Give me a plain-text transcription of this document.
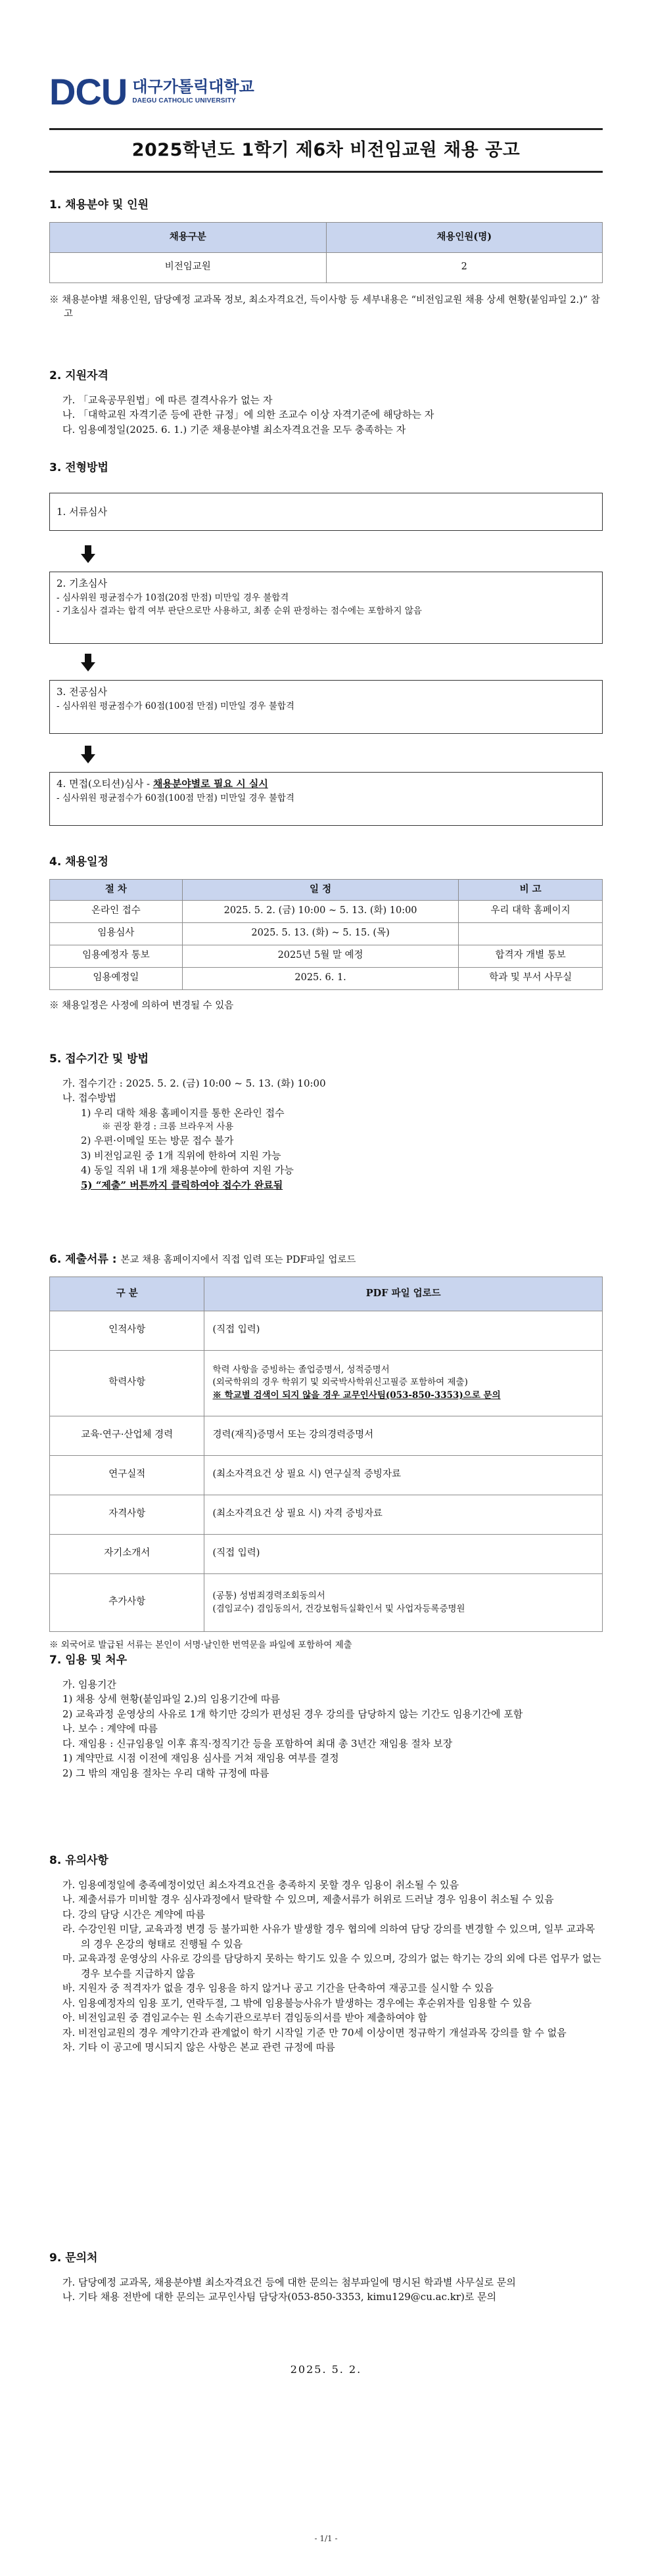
DCU 대구가톨릭대학교
DAEGU CATHOLIC UNIVERSITY
2025학년도 1학기 제6차 비전임교원 채용 공고
1. 채용분야 및 인원
채용구분	채용인원(명)
비전임교원	2
※ 채용분야별 채용인원, 담당예정 교과목 정보, 최소자격요건, 득이사항 등 세부내용은 “비전임교원 채용 상세 현황(붙임파일 2.)” 참고
2. 지원자격
가. 「교육공무원법」에 따른 결격사유가 없는 자
나. 「대학교원 자격기준 등에 관한 규정」에 의한 조교수 이상 자격기준에 해당하는 자
다. 임용예정일(2025. 6. 1.) 기준 채용분야별 최소자격요건을 모두 충족하는 자
3. 전형방법
1. 서류심사
2. 기초심사
- 심사위원 평균점수가 10점(20점 만점) 미만일 경우 불합격
- 기초심사 결과는 합격 여부 판단으로만 사용하고, 최종 순위 판정하는 점수에는 포함하지 않음
3. 전공심사
- 심사위원 평균점수가 60점(100점 만점) 미만일 경우 불합격
4. 면접(오티션)심사 - 채용분야별로 필요 시 실시
- 심사위원 평균점수가 60점(100점 만점) 미만일 경우 불합격
4. 채용일정
절 차	일 정	비 고
온라인 접수	2025. 5. 2. (금) 10:00 ~ 5. 13. (화) 10:00	우리 대학 홈페이지
임용심사	2025. 5. 13. (화) ~ 5. 15. (목)	
임용예정자 통보	2025년 5월 말 예정	합격자 개별 통보
임용예정일	2025. 6. 1.	학과 및 부서 사무실
※ 채용일정은 사정에 의하여 변경될 수 있음
5. 접수기간 및 방법
가. 접수기간 : 2025. 5. 2. (금) 10:00 ~ 5. 13. (화) 10:00
나. 접수방법
1) 우리 대학 채용 홈페이지를 통한 온라인 접수
※ 권장 환경 : 크롬 브라우저 사용
2) 우편·이메일 또는 방문 접수 불가
3) 비전임교원 중 1개 직위에 한하여 지원 가능
4) 동일 직위 내 1개 채용분야에 한하여 지원 가능
5) “제출” 버튼까지 클릭하여야 접수가 완료됨
6. 제출서류 : 본교 채용 홈페이지에서 직접 입력 또는 PDF파일 업로드
구 분	PDF 파일 업로드
인적사항	(직접 입력)
학력사항	학력 사항을 증빙하는 졸업증명서, 성적증명서
(외국학위의 경우 학위기 및 외국박사학위신고필증 포함하여 제출)
※ 학교별 검색이 되지 않을 경우 교무인사팀(053-850-3353)으로 문의

교육·연구·산업체 경력	경력(재직)증명서 또는 강의경력증명서
연구실적	(최소자격요건 상 필요 시) 연구실적 증빙자료
자격사항	(최소자격요건 상 필요 시) 자격 증빙자료
자기소개서	(직접 입력)
추가사항	(공통) 성범죄경력조회동의서
(겸임교수) 겸임동의서, 건강보험득실확인서 및 사업자등록증명원
※ 외국어로 발급된 서류는 본인이 서명·날인한 번역문을 파일에 포함하여 제출
7. 임용 및 처우
가. 임용기간
1) 채용 상세 현황(붙임파일 2.)의 임용기간에 따름
2) 교육과정 운영상의 사유로 1개 학기만 강의가 편성된 경우 강의를 담당하지 않는 기간도 임용기간에 포함
나. 보수 : 계약에 따름
다. 재임용 : 신규임용일 이후 휴직·정직기간 등을 포함하여 최대 총 3년간 재임용 절차 보장
1) 계약만료 시점 이전에 재임용 심사를 거쳐 재임용 여부를 결정
2) 그 밖의 재임용 절차는 우리 대학 규정에 따름
8. 유의사항
가. 임용예정일에 충족예정이었던 최소자격요건을 충족하지 못할 경우 임용이 취소될 수 있음
나. 제출서류가 미비할 경우 심사과정에서 탈락할 수 있으며, 제출서류가 허위로 드러날 경우 임용이 취소될 수 있음
다. 강의 담당 시간은 계약에 따름
라. 수강인원 미달, 교육과정 변경 등 불가피한 사유가 발생할 경우 협의에 의하여 담당 강의를 변경할 수 있으며, 일부 교과목의 경우 온강의 형태로 진행될 수 있음
마. 교육과정 운영상의 사유로 강의를 담당하지 못하는 학기도 있을 수 있으며, 강의가 없는 학기는 강의 외에 다른 업무가 없는 경우 보수를 지급하지 않음
바. 지원자 중 적격자가 없을 경우 임용을 하지 않거나 공고 기간을 단축하여 재공고를 실시할 수 있음
사. 임용예정자의 임용 포기, 연락두절, 그 밖에 임용불능사유가 발생하는 경우에는 후순위자를 임용할 수 있음
아. 비전임교원 중 겸임교수는 원 소속기관으로부터 겸임동의서를 받아 제출하여야 함
자. 비전임교원의 경우 계약기간과 관계없이 학기 시작일 기준 만 70세 이상이면 정규학기 개설과목 강의를 할 수 없음
차. 기타 이 공고에 명시되지 않은 사항은 본교 관련 규정에 따름
9. 문의처
가. 담당예정 교과목, 채용분야별 최소자격요건 등에 대한 문의는 첨부파일에 명시된 학과별 사무실로 문의
나. 기타 채용 전반에 대한 문의는 교무인사팀 담당자(053-850-3353, kimu129@cu.ac.kr)로 문의
2025. 5. 2.
- 1/1 -
